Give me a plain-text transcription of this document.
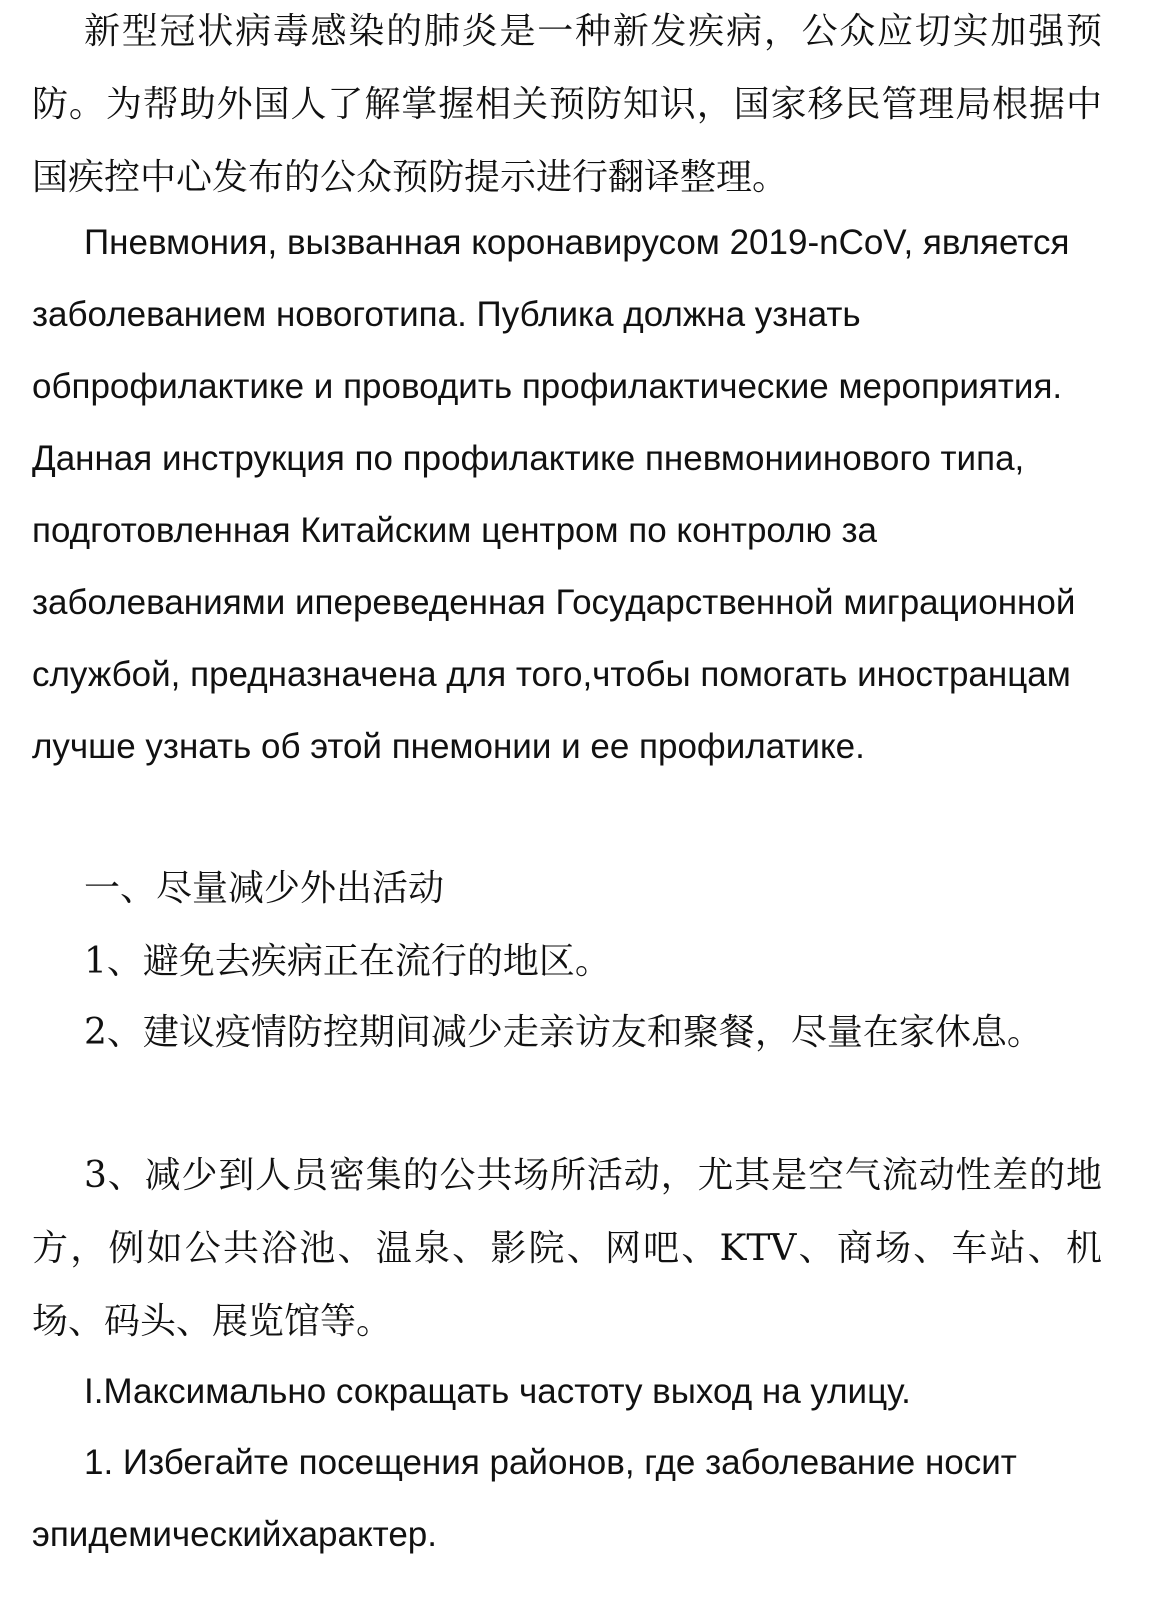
新型冠状病毒感染的肺炎是一种新发疾病，公众应切实加强预防。为帮助外国人了解掌握相关预防知识，国家移民管理局根据中国疾控中心发布的公众预防提示进行翻译整理。

Пневмония, вызванная коронавирусом 2019-nCoV, является заболеванием новоготипа. Публика должна узнать обпрофилактике и проводить профилактические мероприятия. Данная инструкция по профилактике пневмониинового типа, подготовленная Китайским центром по контролю за заболеваниями ипереведенная Государственной миграционной службой, предназначена для того,чтобы помогать иностранцам лучше узнать об этой пнемонии и ее профилатике.

一、尽量减少外出活动

1、避免去疾病正在流行的地区。

2、建议疫情防控期间减少走亲访友和聚餐，尽量在家休息。

3、减少到人员密集的公共场所活动，尤其是空气流动性差的地方，例如公共浴池、温泉、影院、网吧、KTV、商场、车站、机场、码头、展览馆等。

I.Максимально сокращать частоту выход на улицу.

1. Избегайте посещения районов, где заболевание носит эпидемическийхарактер.
